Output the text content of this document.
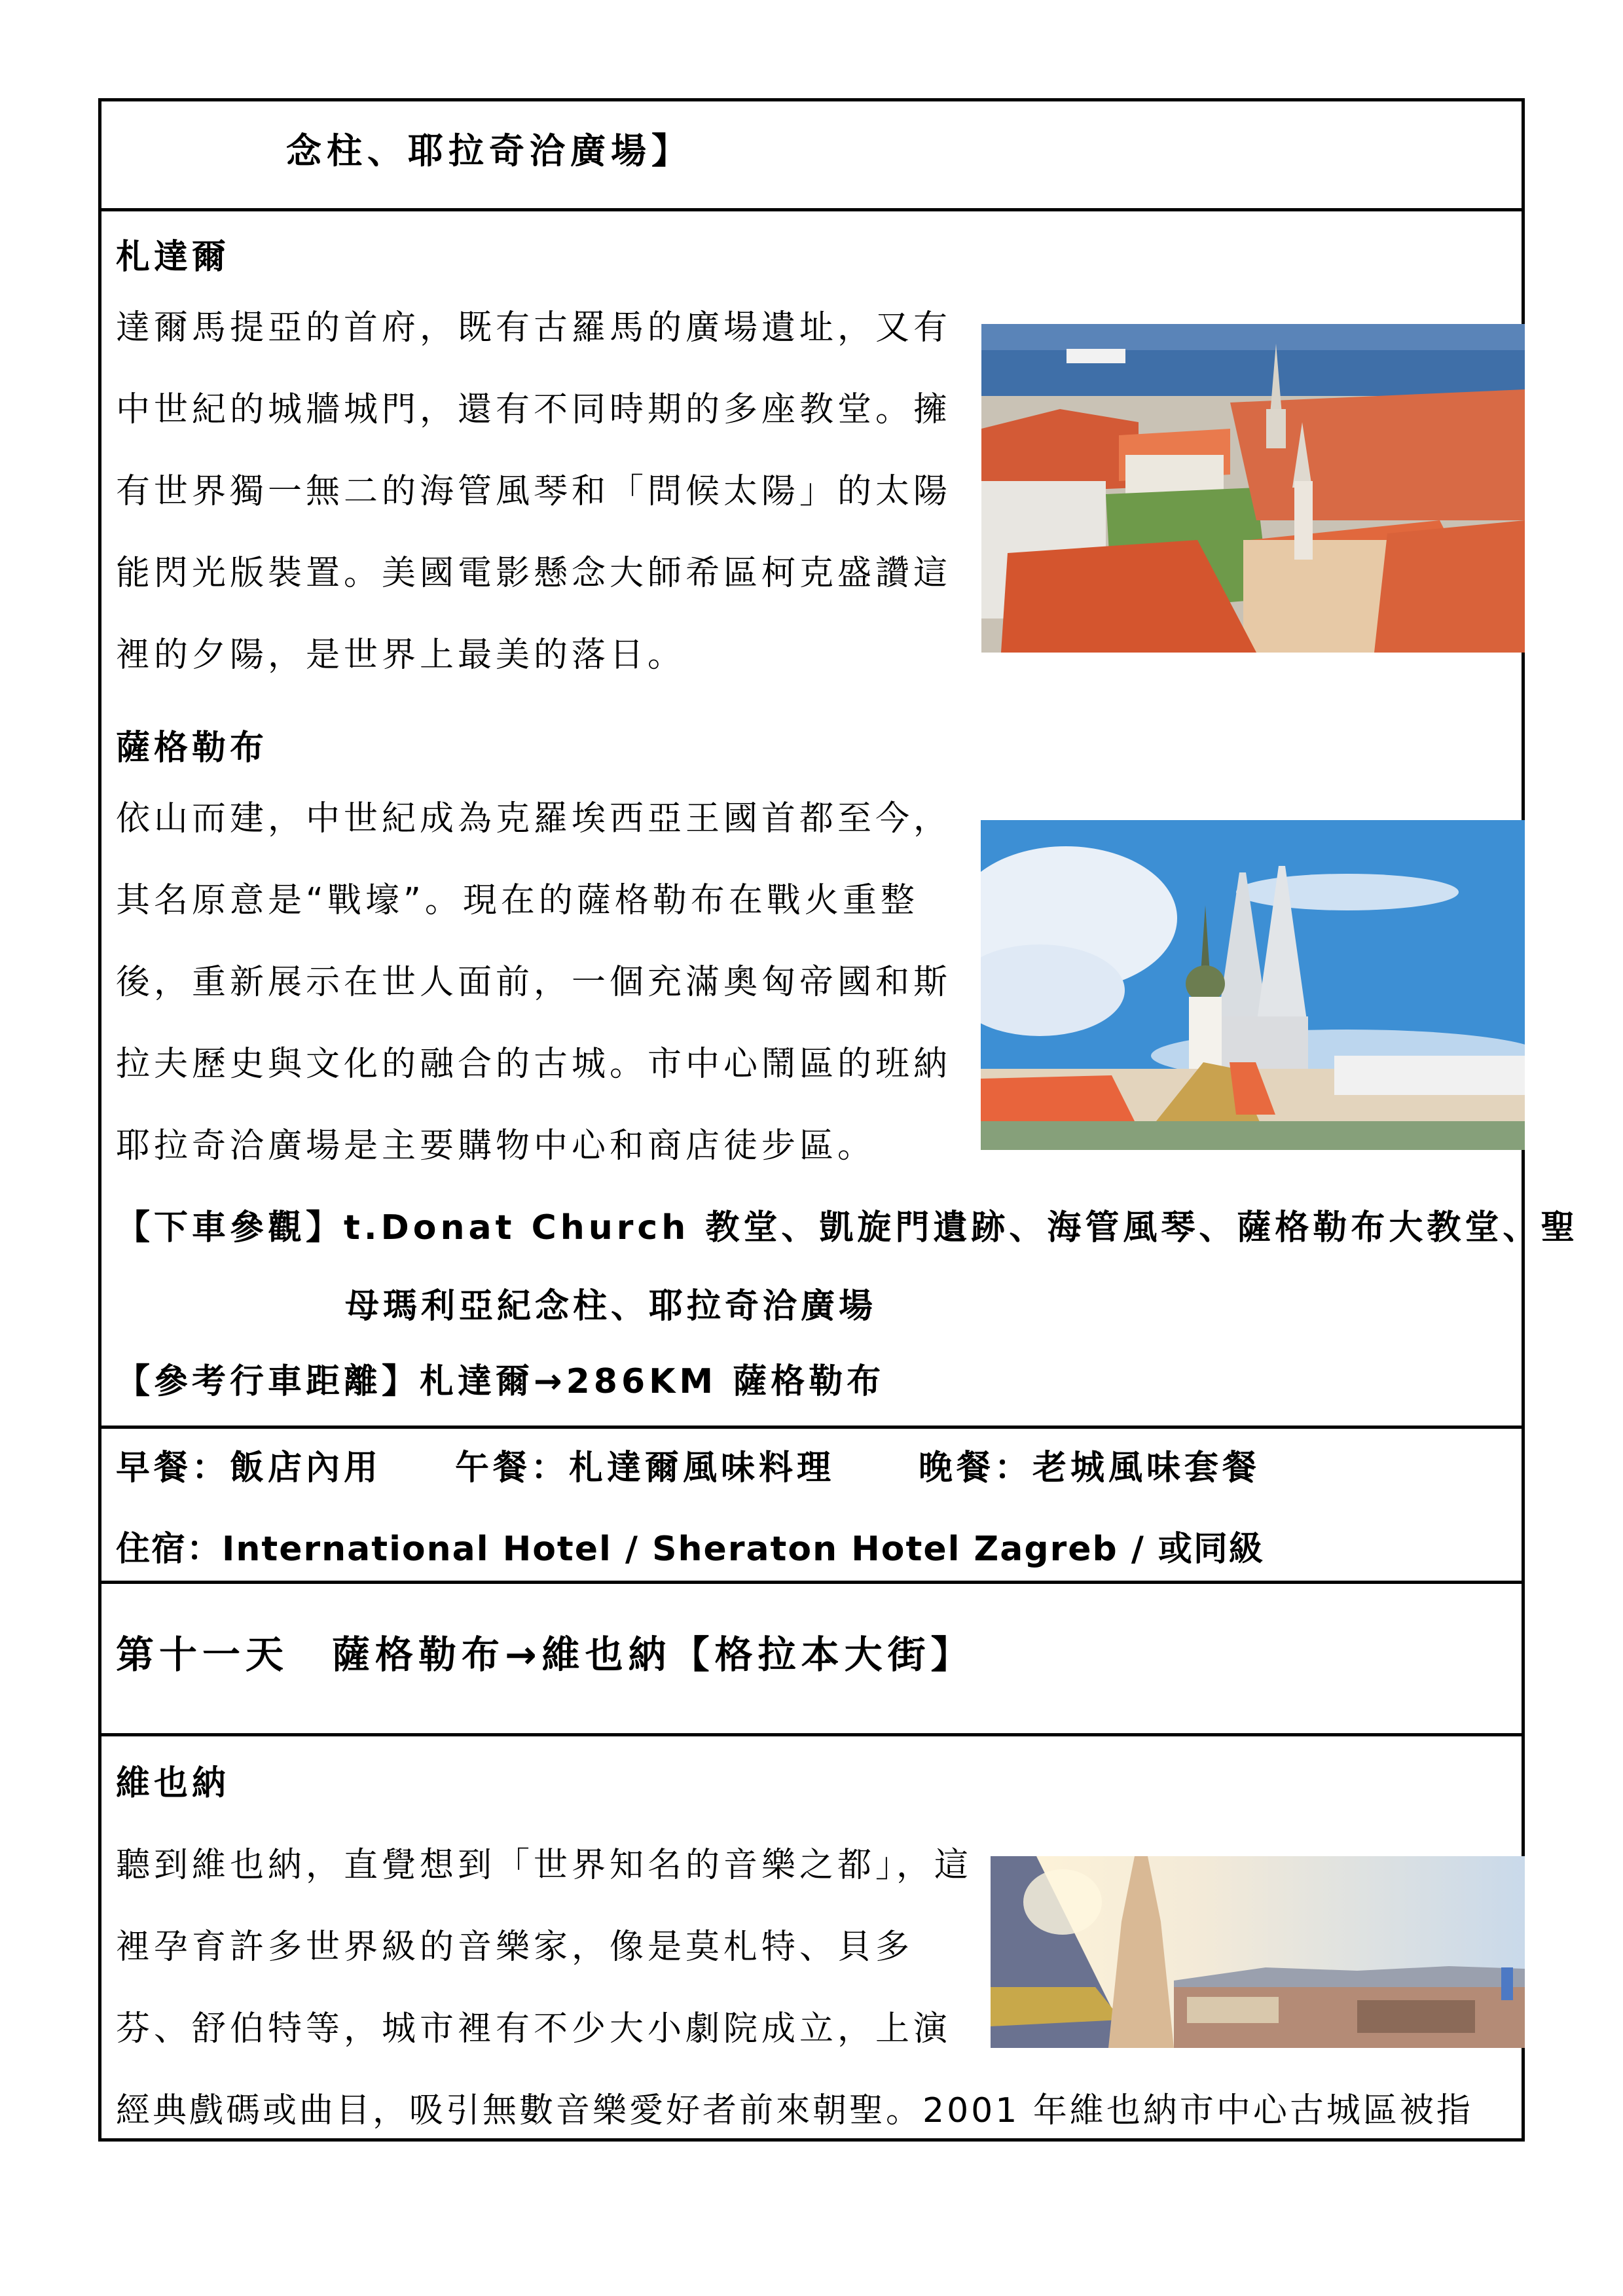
念柱、耶拉奇洽廣場】
札達爾
達爾馬提亞的首府，既有古羅馬的廣場遺址，又有
中世紀的城牆城門，還有不同時期的多座教堂。擁
有世界獨一無二的海管風琴和「問候太陽」的太陽
能閃光版裝置。美國電影懸念大師希區柯克盛讚這
裡的夕陽，是世界上最美的落日。
薩格勒布
依山而建，中世紀成為克羅埃西亞王國首都至今，
其名原意是“戰壕”。現在的薩格勒布在戰火重整
後，重新展示在世人面前，一個充滿奧匈帝國和斯
拉夫歷史與文化的融合的古城。市中心鬧區的班納
耶拉奇洽廣場是主要購物中心和商店徒步區。
【下車參觀】t.Donat Church 教堂、凱旋門遺跡、海管風琴、薩格勒布大教堂、聖
母瑪利亞紀念柱、耶拉奇洽廣場
【參考行車距離】札達爾→286KM 薩格勒布
早餐：飯店內用 午餐：札達爾風味料理 晚餐：老城風味套餐
住宿：International Hotel / Sheraton Hotel Zagreb / 或同級
第十一天　薩格勒布→維也納【格拉本大街】
維也納
聽到維也納，直覺想到「世界知名的音樂之都」，這
裡孕育許多世界級的音樂家，像是莫札特、貝多
芬、舒伯特等，城市裡有不少大小劇院成立，上演
經典戲碼或曲目，吸引無數音樂愛好者前來朝聖。2001 年維也納市中心古城區被指
